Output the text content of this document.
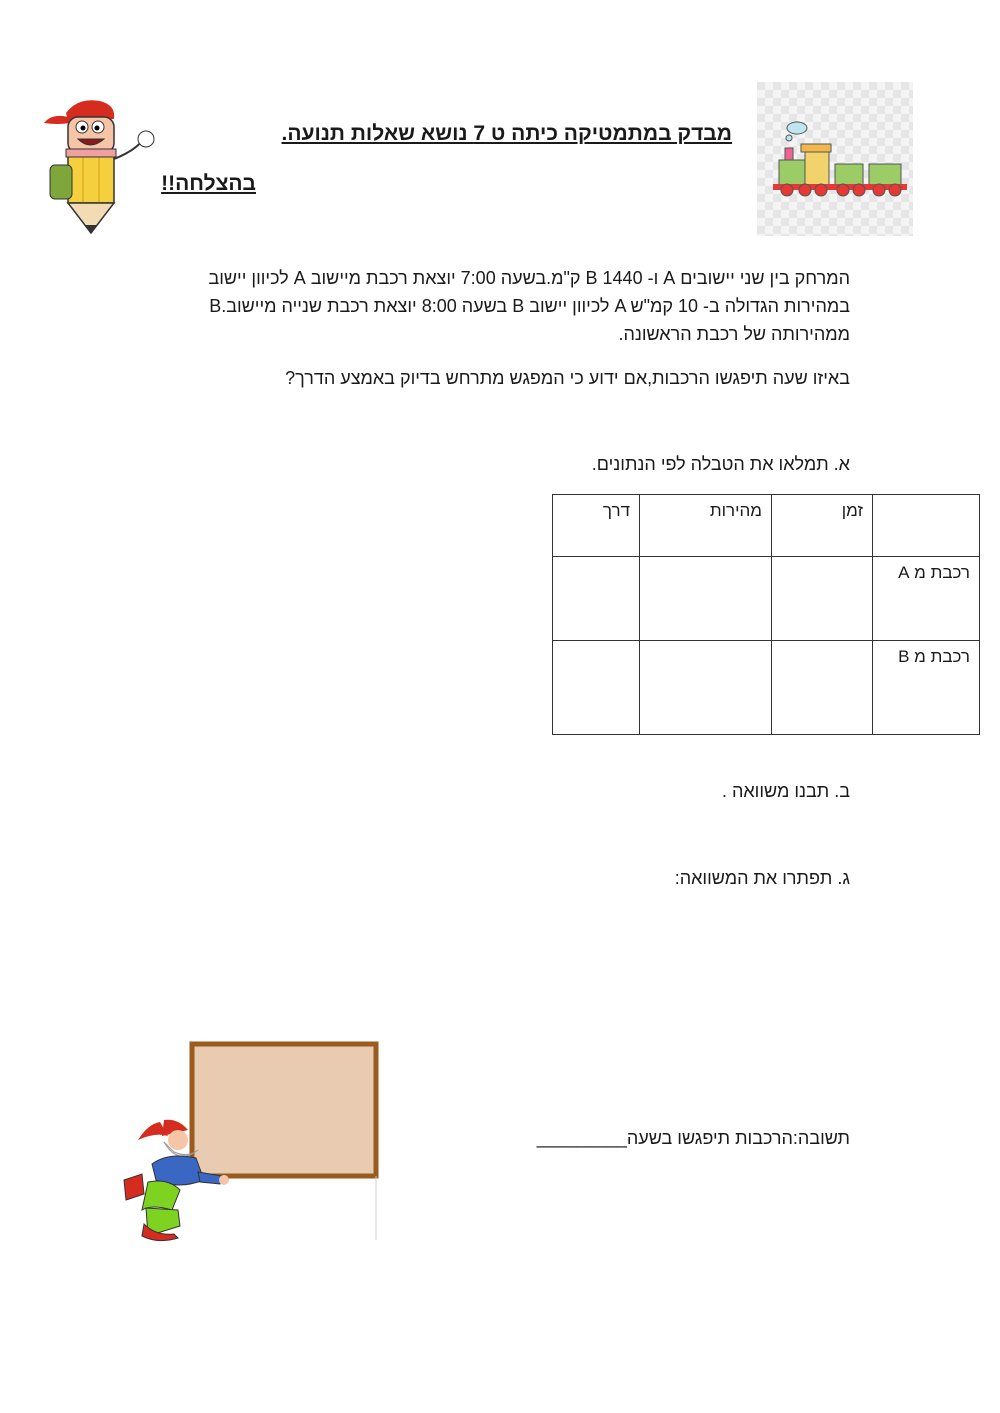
מבדק במתמטיקה כיתה ט 7 נושא שאלות תנועה.
בהצלחה!!
המרחק בין שני יישובים A ו- B 1440 ק"מ.בשעה 7:00 יוצאת רכבת מיישוב A לכיוון יישוב
B.בשעה 8:00 יוצאת רכבת שנייה מיישוב B לכיוון יישוב A במהירות הגדולה ב- 10 קמ"ש
ממהירותה של רכבת הראשונה.
באיזו שעה תיפגשו הרכבות,אם ידוע כי המפגש מתרחש בדיוק באמצע הדרך?
א. תמלאו את הטבלה לפי הנתונים.
	זמן	מהירות	דרך
רכבת מ A			
רכבת מ B			
ב. תבנו משוואה .
ג. תפתרו את המשוואה:
תשובה:הרכבות תיפגשו בשעה_________
